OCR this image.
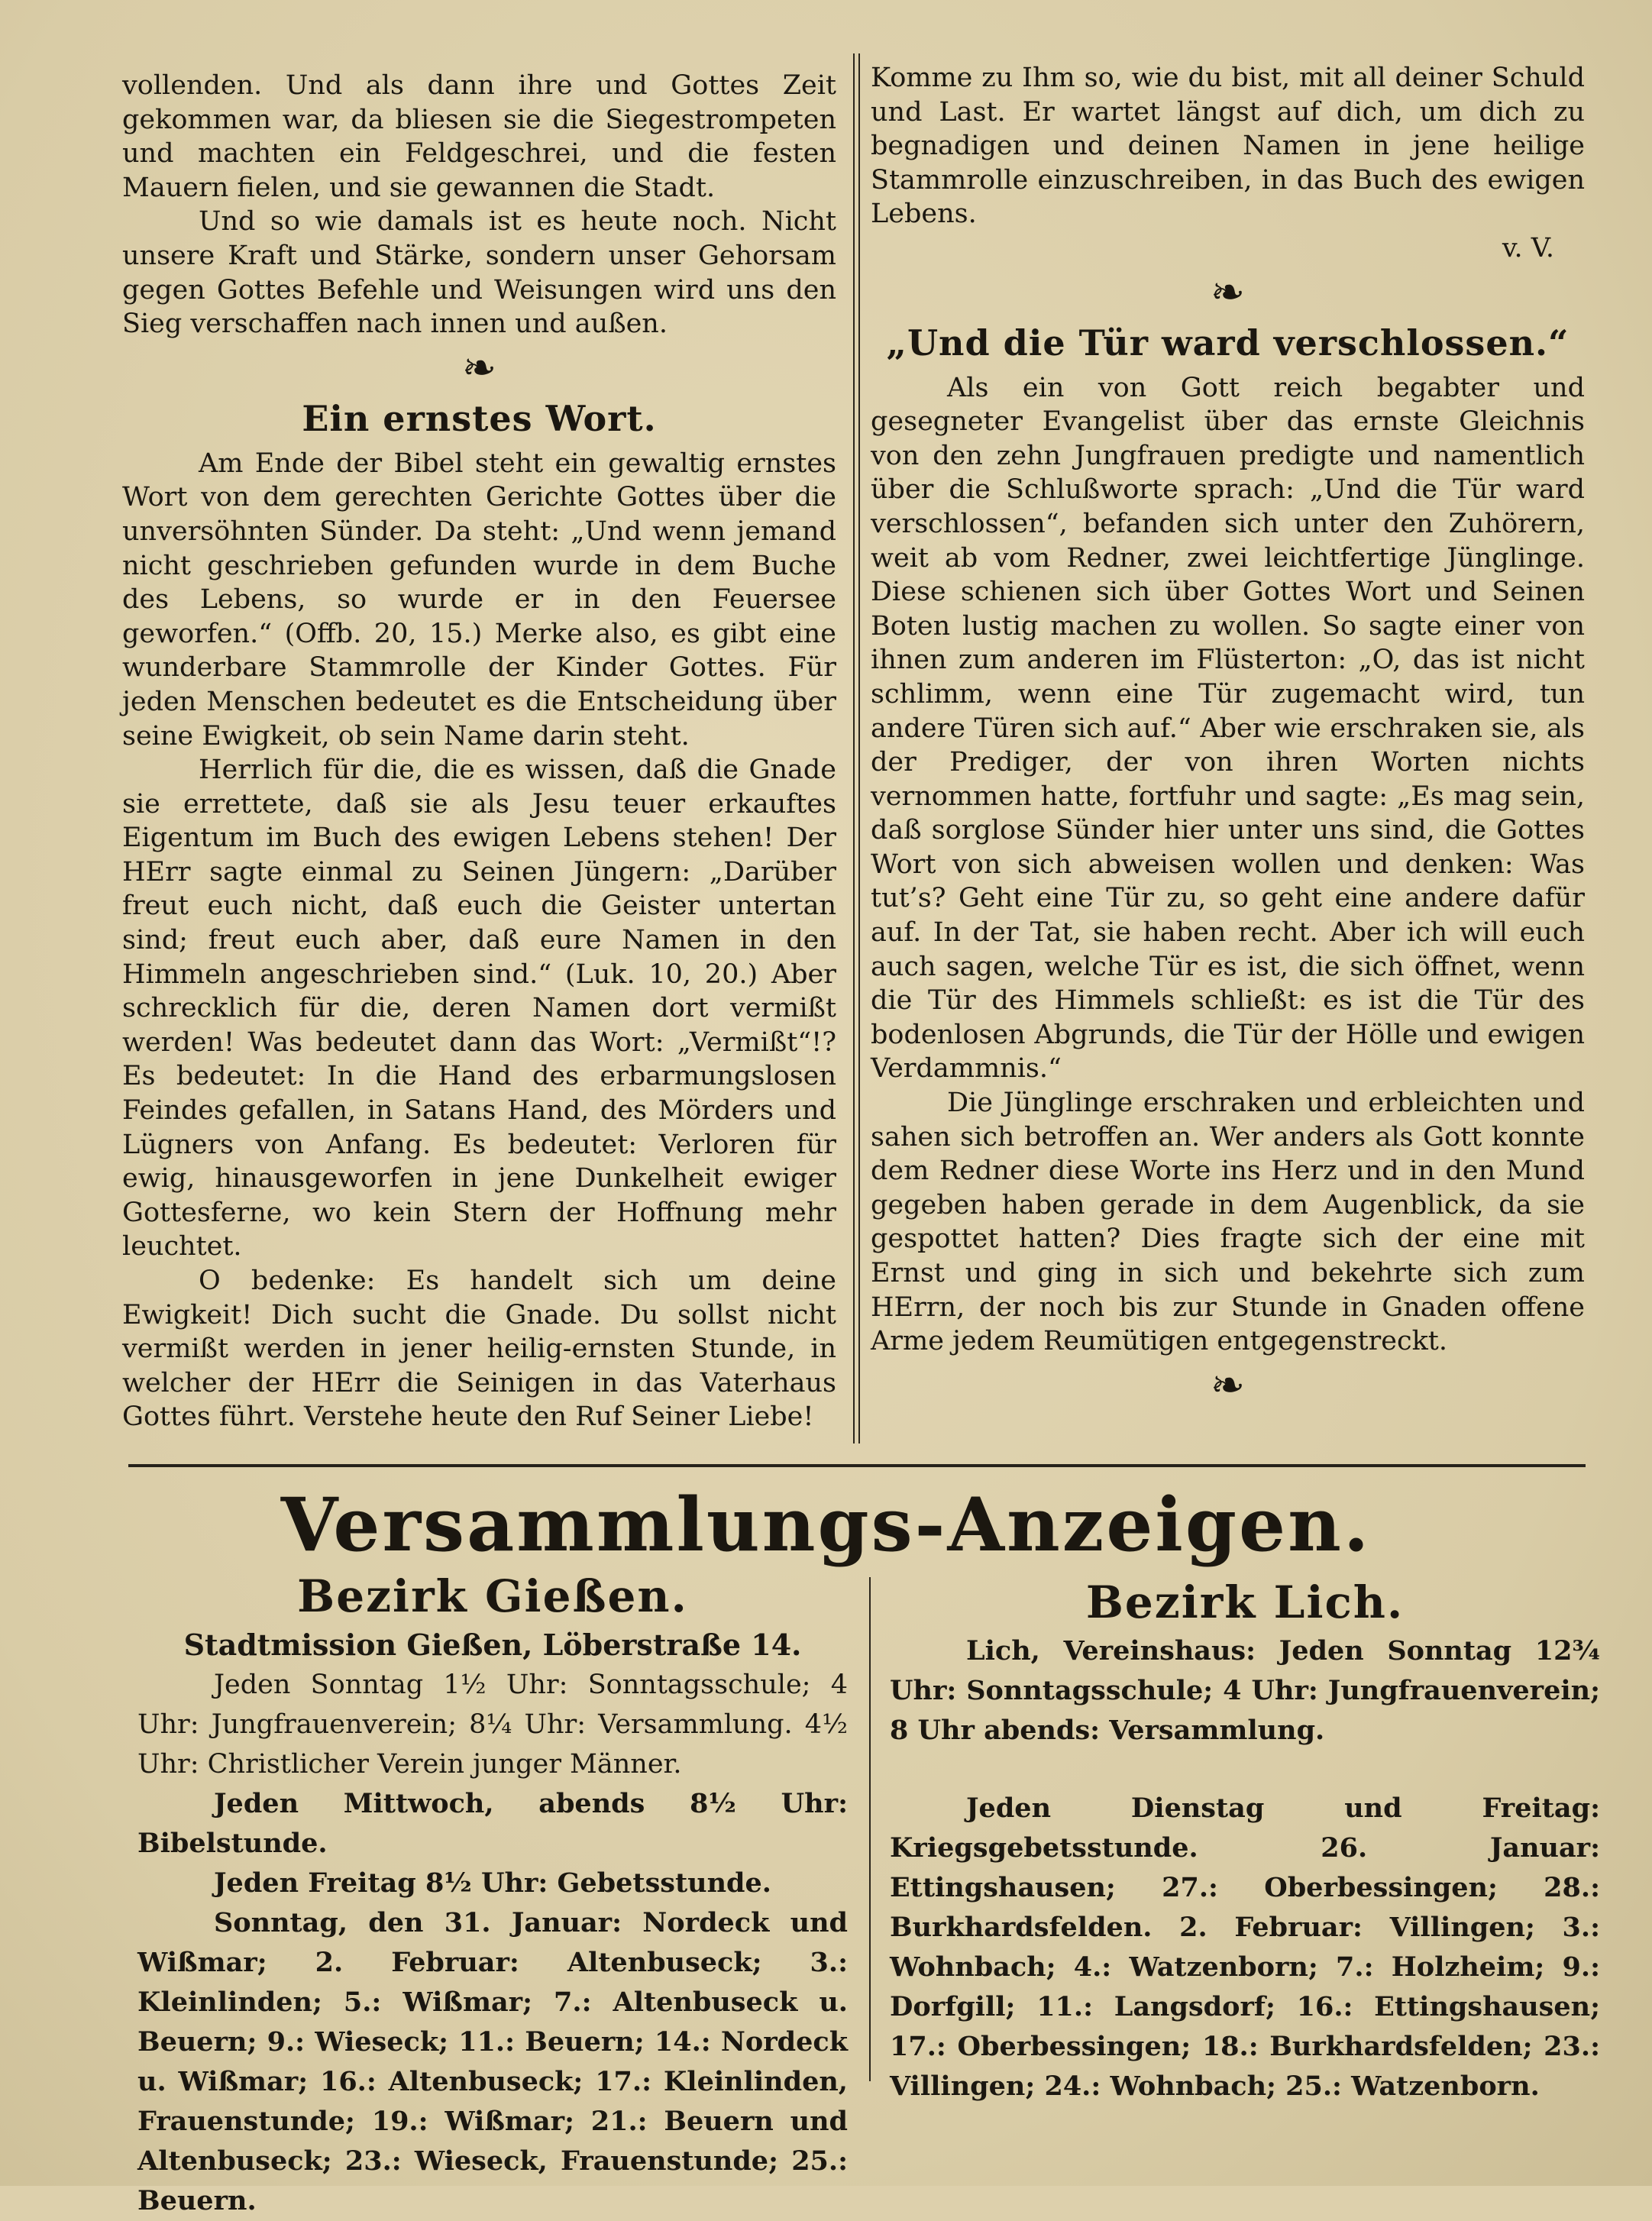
vollenden. Und als dann ihre und Gottes Zeit gekommen war, da bliesen sie die Siegestrompeten und machten ein Feldgeschrei, und die festen Mauern fielen, und sie gewannen die Stadt.

Und so wie damals ist es heute noch. Nicht unsere Kraft und Stärke, sondern unser Gehorsam gegen Gottes Befehle und Weisungen wird uns den Sieg verschaffen nach innen und außen.

❧
Ein ernstes Wort.

Am Ende der Bibel steht ein gewaltig ernstes Wort von dem gerechten Gerichte Gottes über die unversöhnten Sünder. Da steht: „Und wenn jemand nicht geschrieben gefunden wurde in dem Buche des Lebens, so wurde er in den Feuersee geworfen.“ (Offb. 20, 15.) Merke also, es gibt eine wunderbare Stammrolle der Kinder Gottes. Für jeden Menschen bedeutet es die Entscheidung über seine Ewigkeit, ob sein Name darin steht.

Herrlich für die, die es wissen, daß die Gnade sie errettete, daß sie als Jesu teuer erkauftes Eigentum im Buch des ewigen Lebens stehen! Der HErr sagte einmal zu Seinen Jüngern: „Darüber freut euch nicht, daß euch die Geister untertan sind; freut euch aber, daß eure Namen in den Himmeln angeschrieben sind.“ (Luk. 10, 20.) Aber schrecklich für die, deren Namen dort vermißt werden! Was bedeutet dann das Wort: „Vermißt“!? Es bedeutet: In die Hand des erbarmungslosen Feindes gefallen, in Satans Hand, des Mörders und Lügners von Anfang. Es bedeutet: Verloren für ewig, hinausgeworfen in jene Dunkelheit ewiger Gottesferne, wo kein Stern der Hoffnung mehr leuchtet.

O bedenke: Es handelt sich um deine Ewigkeit! Dich sucht die Gnade. Du sollst nicht vermißt werden in jener heilig-ernsten Stunde, in welcher der HErr die Seinigen in das Vaterhaus Gottes führt. Verstehe heute den Ruf Seiner Liebe!

Komme zu Ihm so, wie du bist, mit all deiner Schuld und Last. Er wartet längst auf dich, um dich zu begnadigen und deinen Namen in jene heilige Stammrolle einzuschreiben, in das Buch des ewigen Lebens.

v. V.
❧
„Und die Tür ward verschlossen.“

Als ein von Gott reich begabter und gesegneter Evangelist über das ernste Gleichnis von den zehn Jungfrauen predigte und namentlich über die Schlußworte sprach: „Und die Tür ward verschlossen“, befanden sich unter den Zuhörern, weit ab vom Redner, zwei leichtfertige Jünglinge. Diese schienen sich über Gottes Wort und Seinen Boten lustig machen zu wollen. So sagte einer von ihnen zum anderen im Flüsterton: „O, das ist nicht schlimm, wenn eine Tür zugemacht wird, tun andere Türen sich auf.“ Aber wie erschraken sie, als der Prediger, der von ihren Worten nichts vernommen hatte, fortfuhr und sagte: „Es mag sein, daß sorglose Sünder hier unter uns sind, die Gottes Wort von sich abweisen wollen und denken: Was tut’s? Geht eine Tür zu, so geht eine andere dafür auf. In der Tat, sie haben recht. Aber ich will euch auch sagen, welche Tür es ist, die sich öffnet, wenn die Tür des Himmels schließt: es ist die Tür des bodenlosen Abgrunds, die Tür der Hölle und ewigen Verdammnis.“

Die Jünglinge erschraken und erbleichten und sahen sich betroffen an. Wer anders als Gott konnte dem Redner diese Worte ins Herz und in den Mund gegeben haben gerade in dem Augenblick, da sie gespottet hatten? Dies fragte sich der eine mit Ernst und ging in sich und bekehrte sich zum HErrn, der noch bis zur Stunde in Gnaden offene Arme jedem Reumütigen entgegenstreckt.

❧
Versammlungs-Anzeigen.
Bezirk Gießen.
Stadtmission Gießen, Löberstraße 14.

Jeden Sonntag 1½ Uhr: Sonntagsschule; 4 Uhr: Jungfrauenverein; 8¼ Uhr: Versammlung. 4½ Uhr: Christlicher Verein junger Männer.

Jeden Mittwoch, abends 8½ Uhr: Bibelstunde.

Jeden Freitag 8½ Uhr: Gebetsstunde.

Sonntag, den 31. Januar: Nordeck und Wißmar; 2. Februar: Altenbuseck; 3.: Kleinlinden; 5.: Wißmar; 7.: Altenbuseck u. Beuern; 9.: Wieseck; 11.: Beuern; 14.: Nordeck u. Wißmar; 16.: Altenbuseck; 17.: Kleinlinden, Frauenstunde; 19.: Wißmar; 21.: Beuern und Altenbuseck; 23.: Wieseck, Frauenstunde; 25.: Beuern.

Bezirk Lich.

Lich, Vereinshaus: Jeden Sonntag 12¾ Uhr: Sonntagsschule; 4 Uhr: Jungfrauenverein; 8 Uhr abends: Versammlung.

Jeden Dienstag und Freitag: Kriegsgebetsstunde. 26. Januar: Ettingshausen; 27.: Oberbessingen; 28.: Burkhardsfelden. 2. Februar: Villingen; 3.: Wohnbach; 4.: Watzenborn; 7.: Holzheim; 9.: Dorfgill; 11.: Langsdorf; 16.: Ettingshausen; 17.: Oberbessingen; 18.: Burkhardsfelden; 23.: Villingen; 24.: Wohnbach; 25.: Watzenborn.
